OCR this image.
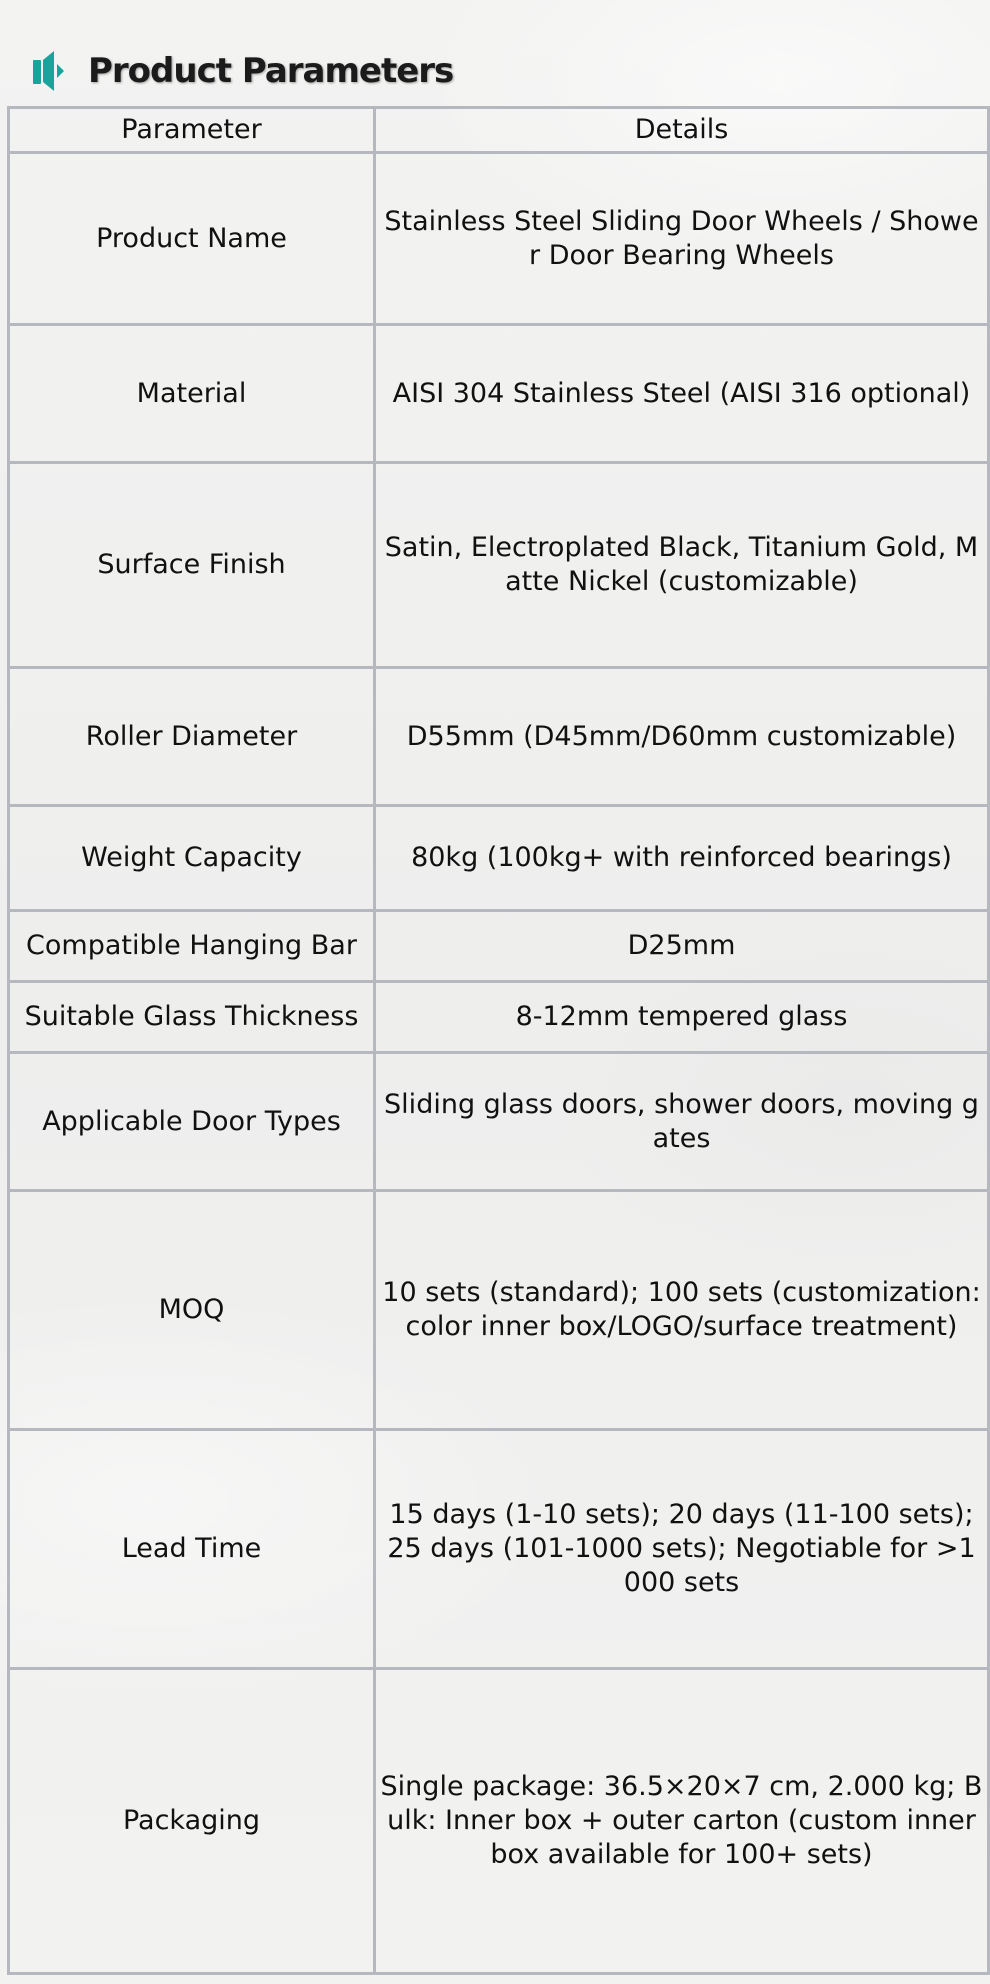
Product Parameters
Parameter	Details
Product Name	Stainless Steel Sliding Door Wheels / Shower Door Bearing Wheels
Material	AISI 304 Stainless Steel (AISI 316 optional)
Surface Finish	Satin, Electroplated Black, Titanium Gold, Matte Nickel (customizable)
Roller Diameter	D55mm (D45mm/D60mm customizable)
Weight Capacity	80kg (100kg+ with reinforced bearings)
Compatible Hanging Bar	D25mm
Suitable Glass Thickness	8-12mm tempered glass
Applicable Door Types	Sliding glass doors, shower doors, moving gates
MOQ	10 sets (standard); 100 sets (customization: color inner box/LOGO/surface treatment)
Lead Time	15 days (1-10 sets); 20 days (11-100 sets); 25 days (101-1000 sets); Negotiable for >1000 sets
Packaging	Single package: 36.5×20×7 cm, 2.000 kg; Bulk: Inner box + outer carton (custom inner box available for 100+ sets)
